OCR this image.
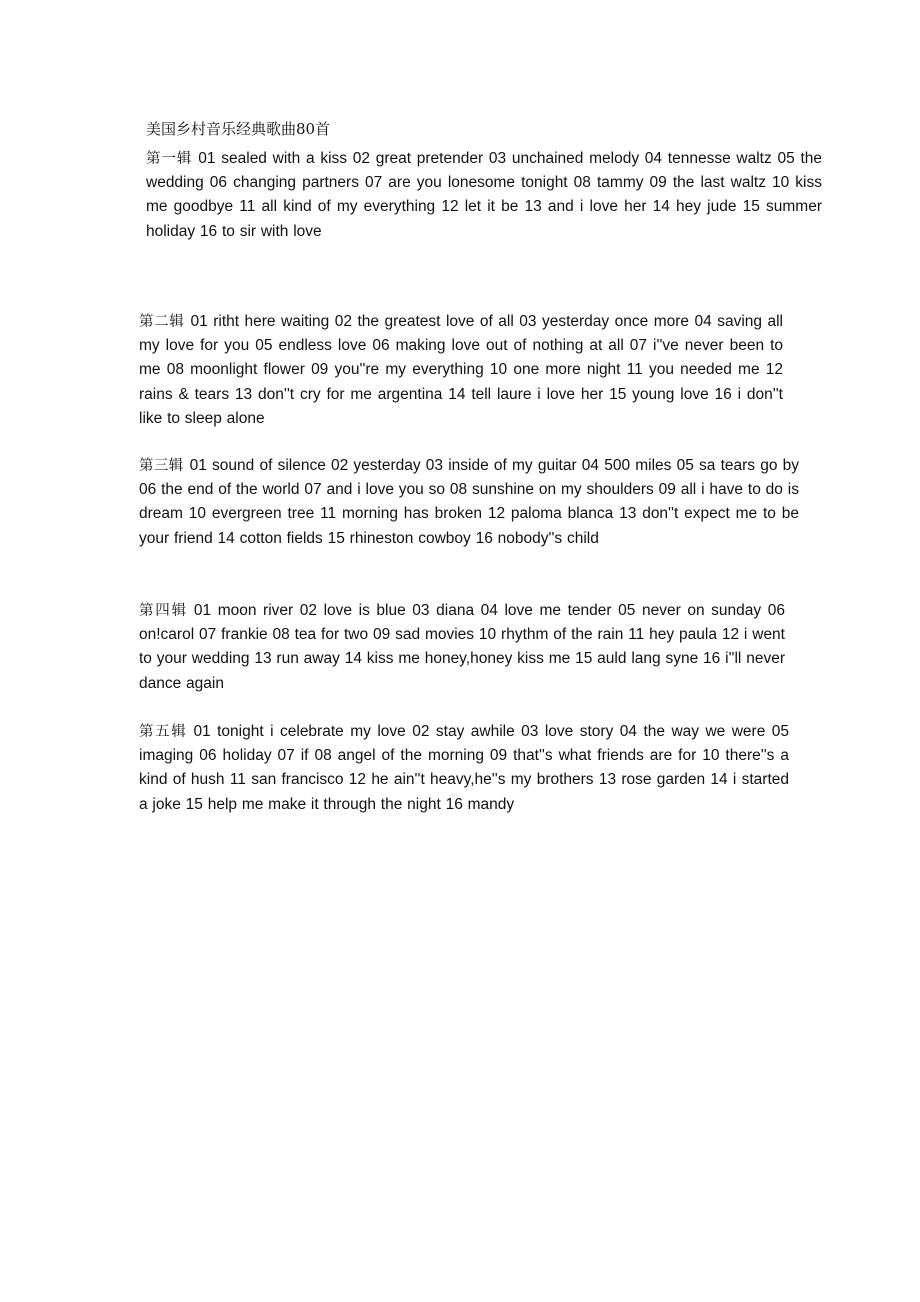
美国乡村音乐经典歌曲80首
第一辑 01 sealed with a kiss 02 great pretender 03 unchained melody 04 tennesse waltz 05 the wedding 06 changing partners 07 are you lonesome tonight 08 tammy 09 the last waltz 10 kiss me goodbye 11 all kind of my everything 12 let it be 13 and i love her 14 hey jude 15 summer holiday 16 to sir with love
第二辑 01 ritht here waiting 02 the greatest love of all 03 yesterday once more 04 saving all my love for you 05 endless love 06 making love out of nothing at all 07 i''ve never been to me 08 moonlight flower 09 you''re my everything 10 one more night 11 you needed me 12 rains & tears 13 don''t cry for me argentina 14 tell laure i love her 15 young love 16 i don''t like to sleep alone
第三辑 01 sound of silence 02 yesterday 03 inside of my guitar 04 500 miles 05 sa tears go by 06 the end of the world 07 and i love you so 08 sunshine on my shoulders 09 all i have to do is dream 10 evergreen tree 11 morning has broken 12 paloma blanca 13 don''t expect me to be your friend 14 cotton fields 15 rhineston cowboy 16 nobody''s child
第四辑 01 moon river 02 love is blue 03 diana 04 love me tender 05 never on sunday 06 on!carol 07 frankie 08 tea for two 09 sad movies 10 rhythm of the rain 11 hey paula 12 i went to your wedding 13 run away 14 kiss me honey,honey kiss me 15 auld lang syne 16 i''ll never dance again
第五辑 01 tonight i celebrate my love 02 stay awhile 03 love story 04 the way we were 05 imaging 06 holiday 07 if 08 angel of the morning 09 that''s what friends are for 10 there''s a kind of hush 11 san francisco 12 he ain''t heavy,he''s my brothers 13 rose garden 14 i started a joke 15 help me make it through the night 16 mandy
